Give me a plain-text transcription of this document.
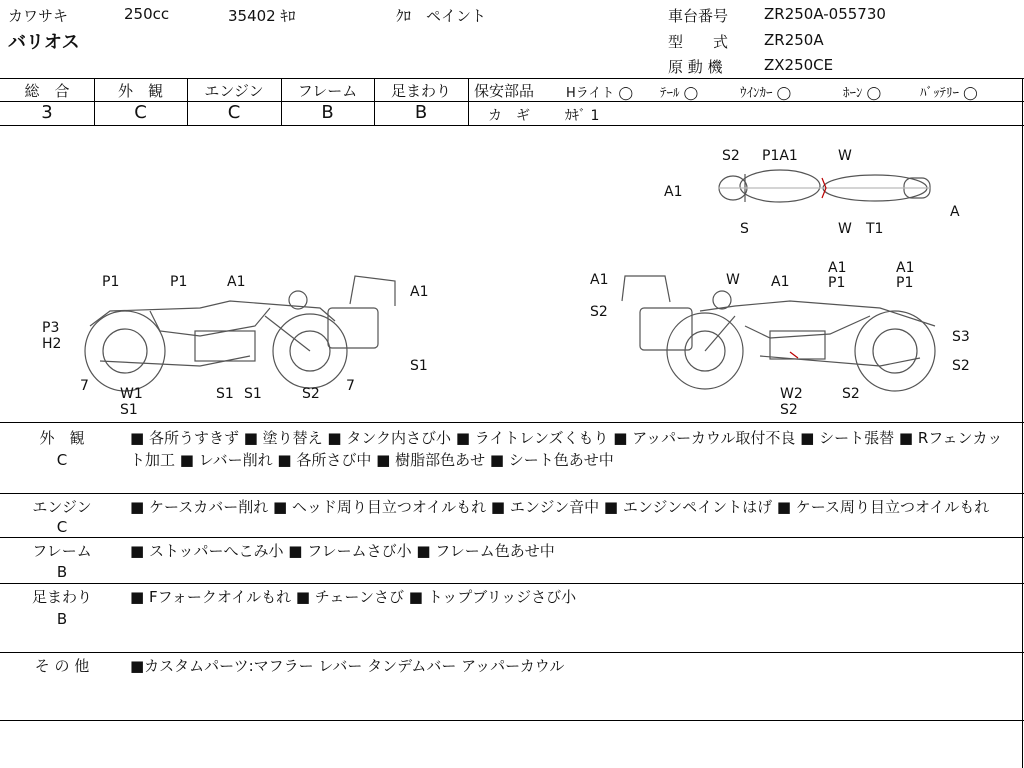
カワサキ	250cc	35402 ｷﾛ	ｸﾛ　ペイント
バリオス
車台番号 ZR250A-055730
型　　式 ZR250A
原 動 機	ZX250CE
総　合	外　観	エンジン	フレーム	足まわり
3	C	C	B	B
保安部品 Hライト ◯ ﾃｰﾙ ◯	ｳｲﾝｶｰ ◯	ﾎｰﾝ ◯	ﾊﾞｯﾃﾘｰ ◯
カ　ギ	ｶｷﾞ 1
S2 P1A1	W
A1
A
S	W T1
P1	P1	A1
A1
P3
H2
7 W1
S1
S1 S1	S2 7
S1
A1	W A1
A1
P1
A1
P1
S2
S3
S2
W2
S2
S2
外　観
C
■ 各所うすきず ■ 塗り替え ■ タンク内さび小 ■ ライトレンズくもり ■ アッパーカウル取付不良 ■ シート張替 ■ Rフェンカット加工 ■ レバー削れ ■ 各所さび中 ■ 樹脂部色あせ ■ シート色あせ中
エンジン
C
■ ケースカバー削れ ■ ヘッド周り目立つオイルもれ ■ エンジン音中 ■ エンジンペイントはげ ■ ケース周り目立つオイルもれ
フレーム
B
■ ストッパーへこみ小 ■ フレームさび小 ■ フレーム色あせ中
足まわり
B
■ Fフォークオイルもれ ■ チェーンさび ■ トップブリッジさび小
そ の 他	■カスタムパーツ:マフラー レバー タンデムバー アッパーカウル
